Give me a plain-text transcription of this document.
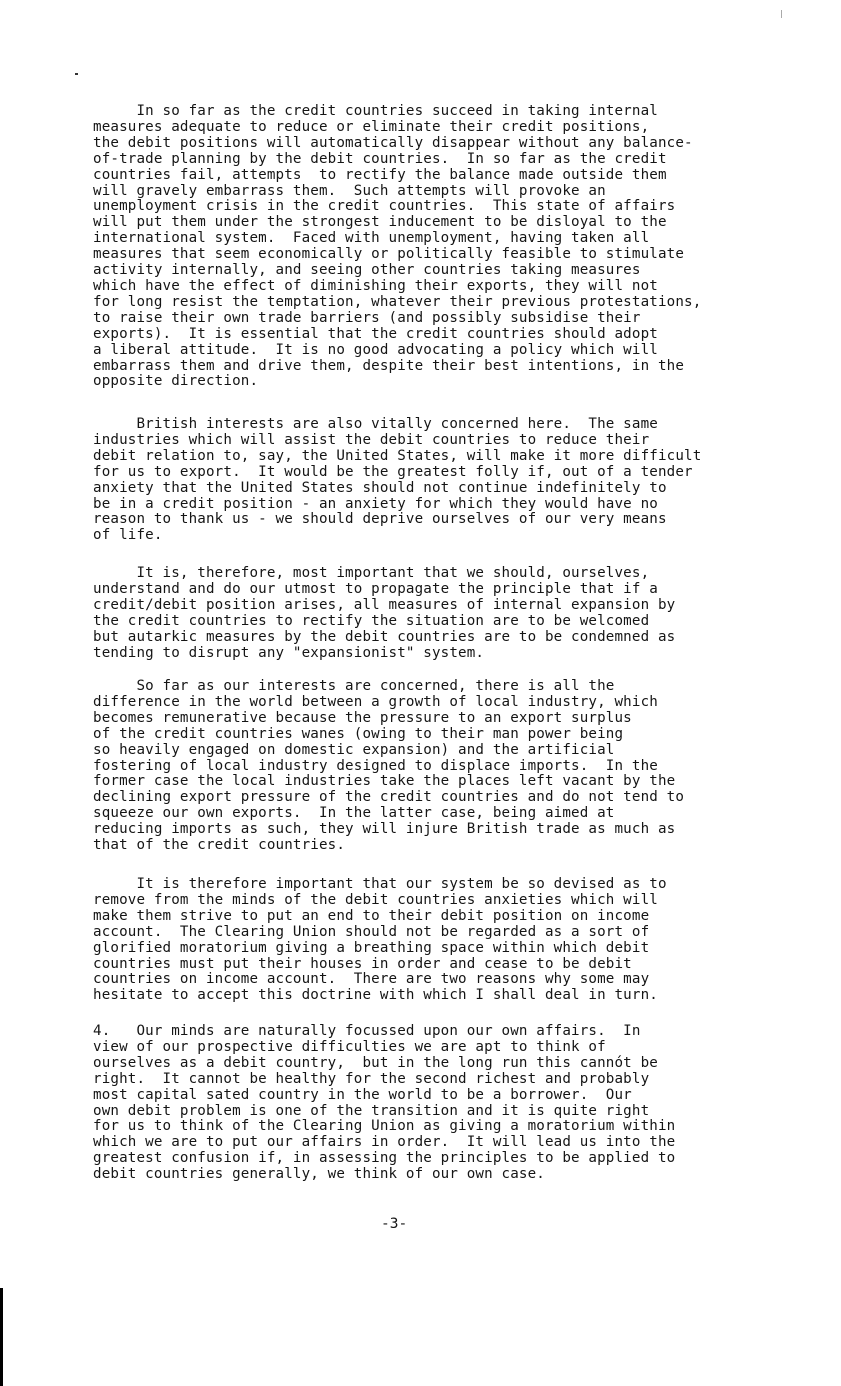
In so far as the credit countries succeed in taking internal
measures adequate to reduce or eliminate their credit positions,
the debit positions will automatically disappear without any balance-
of-trade planning by the debit countries.  In so far as the credit
countries fail, attempts  to rectify the balance made outside them
will gravely embarrass them.  Such attempts will provoke an
unemployment crisis in the credit countries.  This state of affairs
will put them under the strongest inducement to be disloyal to the
international system.  Faced with unemployment, having taken all
measures that seem economically or politically feasible to stimulate
activity internally, and seeing other countries taking measures
which have the effect of diminishing their exports, they will not
for long resist the temptation, whatever their previous protestations,
to raise their own trade barriers (and possibly subsidise their
exports).  It is essential that the credit countries should adopt
a liberal attitude.  It is no good advocating a policy which will
embarrass them and drive them, despite their best intentions, in the
opposite direction.

British interests are also vitally concerned here.  The same
industries which will assist the debit countries to reduce their
debit relation to, say, the United States, will make it more difficult
for us to export.  It would be the greatest folly if, out of a tender
anxiety that the United States should not continue indefinitely to
be in a credit position - an anxiety for which they would have no
reason to thank us - we should deprive ourselves of our very means
of life.

It is, therefore, most important that we should, ourselves,
understand and do our utmost to propagate the principle that if a
credit/debit position arises, all measures of internal expansion by
the credit countries to rectify the situation are to be welcomed
but autarkic measures by the debit countries are to be condemned as
tending to disrupt any "expansionist" system.

So far as our interests are concerned, there is all the
difference in the world between a growth of local industry, which
becomes remunerative because the pressure to an export surplus
of the credit countries wanes (owing to their man power being
so heavily engaged on domestic expansion) and the artificial
fostering of local industry designed to displace imports.  In the
former case the local industries take the places left vacant by the
declining export pressure of the credit countries and do not tend to
squeeze our own exports.  In the latter case, being aimed at
reducing imports as such, they will injure British trade as much as
that of the credit countries.

It is therefore important that our system be so devised as to
remove from the minds of the debit countries anxieties which will
make them strive to put an end to their debit position on income
account.  The Clearing Union should not be regarded as a sort of
glorified moratorium giving a breathing space within which debit
countries must put their houses in order and cease to be debit
countries on income account.  There are two reasons why some may
hesitate to accept this doctrine with which I shall deal in turn.

4.   Our minds are naturally focussed upon our own affairs.  In
view of our prospective difficulties we are apt to think of
ourselves as a debit country,  but in the long run this cannót be
right.  It cannot be healthy for the second richest and probably
most capital sated country in the world to be a borrower.  Our
own debit problem is one of the transition and it is quite right
for us to think of the Clearing Union as giving a moratorium within
which we are to put our affairs in order.  It will lead us into the
greatest confusion if, in assessing the principles to be applied to
debit countries generally, we think of our own case.

-3-
